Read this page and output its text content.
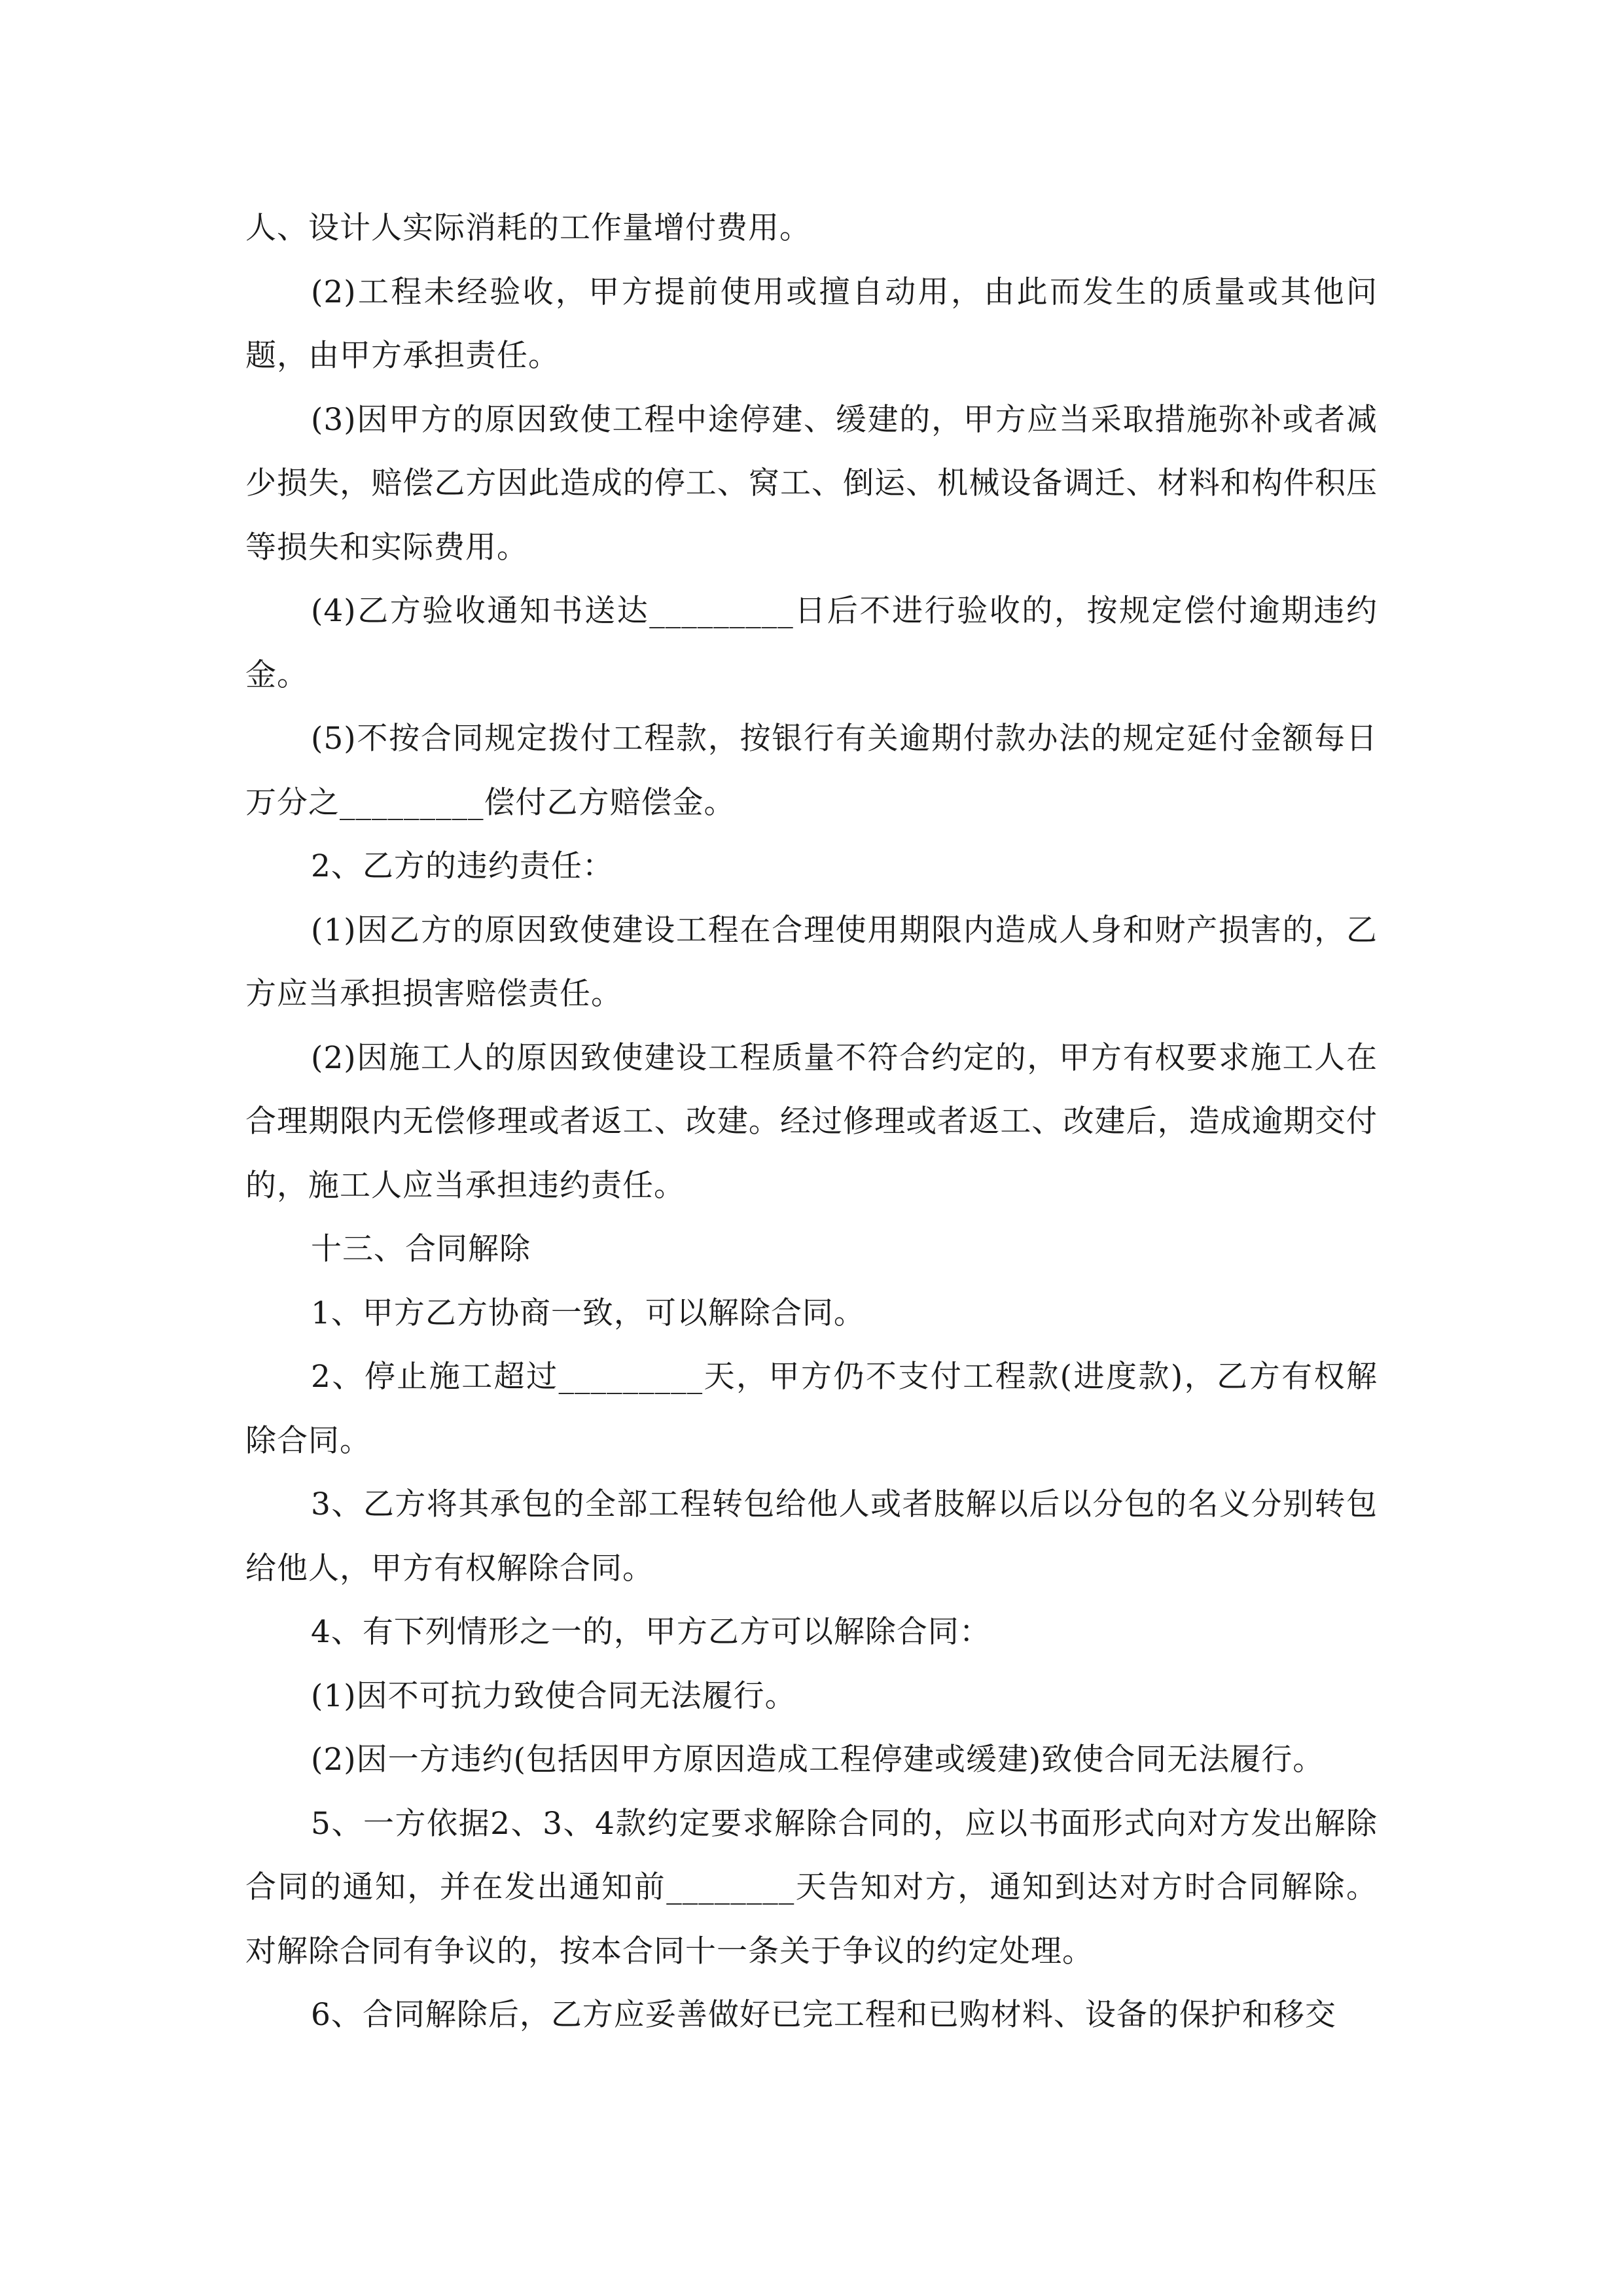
人、设计人实际消耗的工作量增付费用。

(2)工程未经验收，甲方提前使用或擅自动用，由此而发生的质量或其他问题，由甲方承担责任。

(3)因甲方的原因致使工程中途停建、缓建的，甲方应当采取措施弥补或者减少损失，赔偿乙方因此造成的停工、窝工、倒运、机械设备调迁、材料和构件积压等损失和实际费用。

(4)乙方验收通知书送达_________日后不进行验收的，按规定偿付逾期违约金。

(5)不按合同规定拨付工程款，按银行有关逾期付款办法的规定延付金额每日万分之_________偿付乙方赔偿金。

2、乙方的违约责任：

(1)因乙方的原因致使建设工程在合理使用期限内造成人身和财产损害的，乙方应当承担损害赔偿责任。

(2)因施工人的原因致使建设工程质量不符合约定的，甲方有权要求施工人在合理期限内无偿修理或者返工、改建。经过修理或者返工、改建后，造成逾期交付的，施工人应当承担违约责任。

十三、合同解除

1、甲方乙方协商一致，可以解除合同。

2、停止施工超过_________天，甲方仍不支付工程款(进度款)，乙方有权解除合同。

3、乙方将其承包的全部工程转包给他人或者肢解以后以分包的名义分别转包给他人，甲方有权解除合同。

4、有下列情形之一的，甲方乙方可以解除合同：

(1)因不可抗力致使合同无法履行。

(2)因一方违约(包括因甲方原因造成工程停建或缓建)致使合同无法履行。

5、一方依据2、3、4款约定要求解除合同的，应以书面形式向对方发出解除合同的通知，并在发出通知前________天告知对方，通知到达对方时合同解除。对解除合同有争议的，按本合同十一条关于争议的约定处理。

6、合同解除后，乙方应妥善做好已完工程和已购材料、设备的保护和移交
